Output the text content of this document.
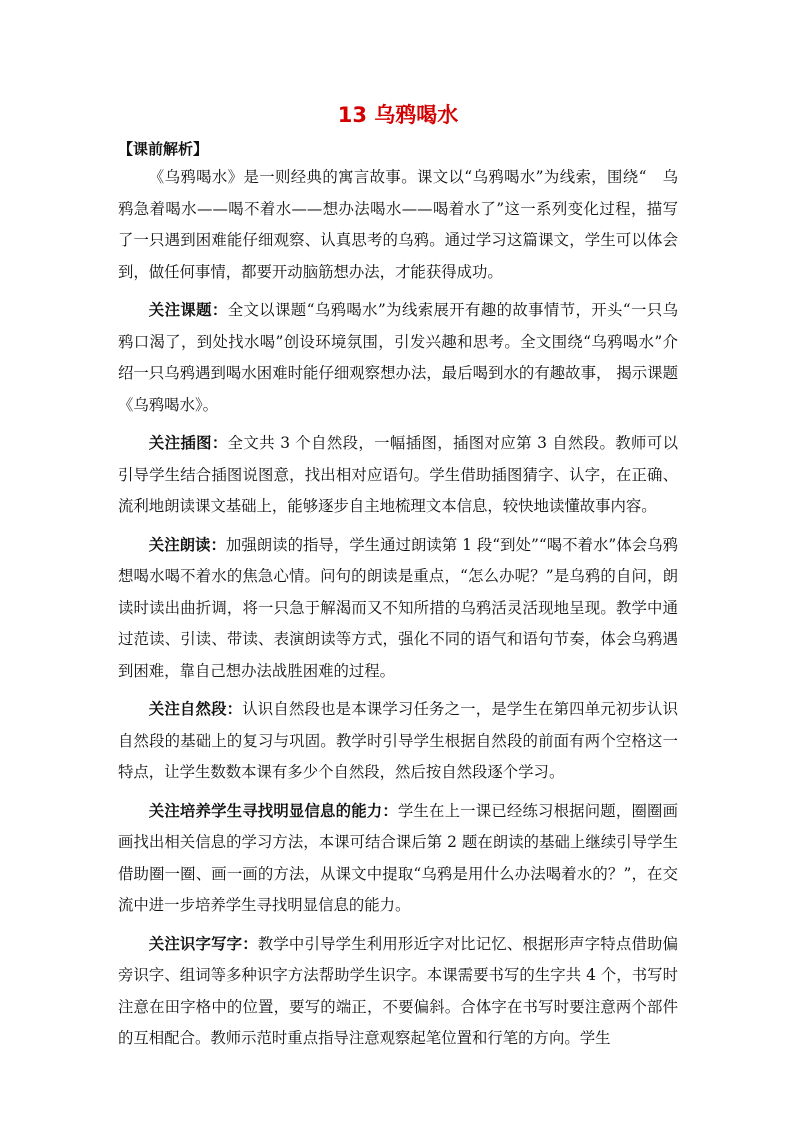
13 乌鸦喝水
【课前解析】

《乌鸦喝水》是一则经典的寓言故事。课文以“乌鸦喝水”为线索，围绕“　乌鸦急着喝水——喝不着水——想办法喝水——喝着水了”这一系列变化过程，描写了一只遇到困难能仔细观察、认真思考的乌鸦。通过学习这篇课文，学生可以体会到，做任何事情，都要开动脑筋想办法，才能获得成功。

关注课题：全文以课题“乌鸦喝水”为线索展开有趣的故事情节，开头“一只乌鸦口渴了，到处找水喝”创设环境氛围，引发兴趣和思考。全文围绕“乌鸦喝水”介绍一只乌鸦遇到喝水困难时能仔细观察想办法，最后喝到水的有趣故事， 揭示课题《乌鸦喝水》。

关注插图：全文共 3 个自然段，一幅插图，插图对应第 3 自然段。教师可以引导学生结合插图说图意，找出相对应语句。学生借助插图猜字、认字，在正确、流利地朗读课文基础上，能够逐步自主地梳理文本信息，较快地读懂故事内容。

关注朗读：加强朗读的指导，学生通过朗读第 1 段“到处”“喝不着水”体会乌鸦想喝水喝不着水的焦急心情。问句的朗读是重点，“怎么办呢？”是乌鸦的自问，朗读时读出曲折调，将一只急于解渴而又不知所措的乌鸦活灵活现地呈现。教学中通过范读、引读、带读、表演朗读等方式，强化不同的语气和语句节奏，体会乌鸦遇到困难，靠自己想办法战胜困难的过程。

关注自然段：认识自然段也是本课学习任务之一，是学生在第四单元初步认识自然段的基础上的复习与巩固。教学时引导学生根据自然段的前面有两个空格这一特点，让学生数数本课有多少个自然段，然后按自然段逐个学习。

关注培养学生寻找明显信息的能力：学生在上一课已经练习根据问题，圈圈画画找出相关信息的学习方法，本课可结合课后第 2 题在朗读的基础上继续引导学生借助圈一圈、画一画的方法，从课文中提取“乌鸦是用什么办法喝着水的？”，在交流中进一步培养学生寻找明显信息的能力。

关注识字写字：教学中引导学生利用形近字对比记忆、根据形声字特点借助偏旁识字、组词等多种识字方法帮助学生识字。本课需要书写的生字共 4 个，书写时注意在田字格中的位置，要写的端正，不要偏斜。合体字在书写时要注意两个部件的互相配合。教师示范时重点指导注意观察起笔位置和行笔的方向。学生
